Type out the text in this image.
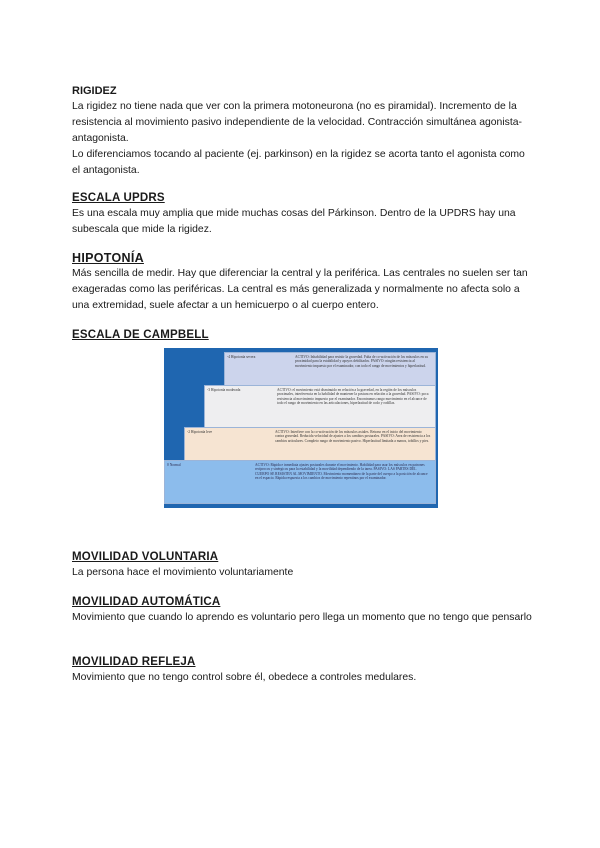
RIGIDEZ

La rigidez no tiene nada que ver con la primera motoneurona (no es piramidal). Incremento de la resistencia al movimiento pasivo independiente de la velocidad. Contracción simultánea agonista-antagonista.

Lo diferenciamos tocando al paciente (ej. parkinson) en la rigidez se acorta tanto el agonista como el antagonista.

ESCALA UPDRS

Es una escala muy amplia que mide muchas cosas del Párkinson. Dentro de la UPDRS hay una subescala que mide la rigidez.

HIPOTONÍA

Más sencilla de medir. Hay que diferenciar la central y la periférica. Las centrales no suelen ser tan exageradas como las periféricas. La central es más generalizada y normalmente no afecta solo a una extremidad, suele afectar a un hemicuerpo o al cuerpo entero.

ESCALA DE CAMPBELL
-4 Hipotonía severa	ACTIVO: Inhabilidad para resistir la gravedad. Falta de co-activación de los músculos en su proximidad para la estabilidad y apoyos debilitados. PASIVO: ningún resistencia al movimiento impuesto por el examinador, con todo el rango de movimientos y hiperlaxitud.
-3 Hipotonía moderada	ACTIVO: el movimiento está disminuido en relación a la gravedad, en la región de los músculos proximales, interferencia en la habilidad de mantener la postura en relación a la gravedad. PASIVO: poca resistencia al movimiento impuesto por el examinador. Encontramos rango movimiento en el alcance de todo el rango de movimiento en las articulaciones, hiperlaxitud de codo y rodillas.
-2 Hipotonía leve	ACTIVO: Interfiere con la co-activación de los músculos axiales. Retraso en el inicio del movimiento contra gravedad. Reducida velocidad de ajustes a los cambios posturales. PASIVO: Area de resistencia a los cambios articulares. Completo rango de movimiento pasivo. Hiperlaxitud limitada a manos, tobillos y pies.
0 Normal	ACTIVO: Rápida e inmediata ajustes posturales durante el movimiento. Habilidad para usar los músculos en patrones recíprocos y sinérgicos para la estabilidad y la movilidad dependiendo de la tarea. PASIVO: LAS PARTES DEL CUERPO SE RESISTEN AL MOVIMIENTO. Movimiento momentáneo de la parte del cuerpo a la posición de alcance en el espacio. Rápida respuesta a los cambios de movimiento repentinos por el examinador.
MOVILIDAD VOLUNTARIA

La persona hace el movimiento voluntariamente

MOVILIDAD AUTOMÁTICA

Movimiento que cuando lo aprendo es voluntario pero llega un momento que no tengo que pensarlo

MOVILIDAD REFLEJA

Movimiento que no tengo control sobre él, obedece a controles medulares.
